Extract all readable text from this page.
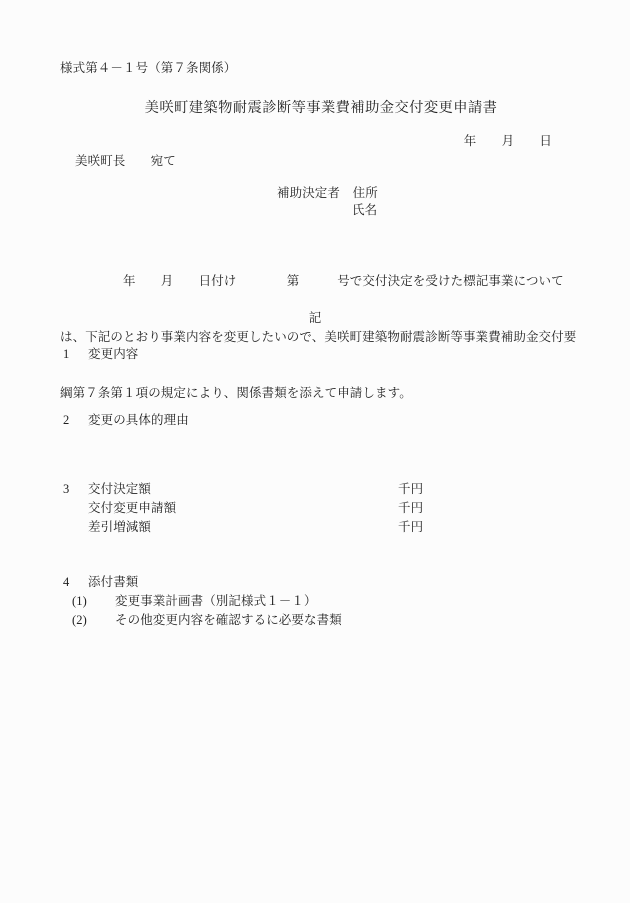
様式第４－１号（第７条関係）
美咲町建築物耐震診断等事業費補助金交付変更申請書
年　　月　　日
美咲町長　　宛て
補助決定者　住所
氏名

　　　　　年　　月　　日付け　　　　第　　　号で交付決定を受けた標記事業について

は、下記のとおり事業内容を変更したいので、美咲町建築物耐震診断等事業費補助金交付要

綱第７条第１項の規定により、関係書類を添えて申請します。

記
1 変更内容
2 変更の具体的理由
3 交付決定額	千円
交付変更申請額	千円
差引増減額	千円
4 添付書類
(1) 変更事業計画書（別記様式１－１）
(2) その他変更内容を確認するに必要な書類
